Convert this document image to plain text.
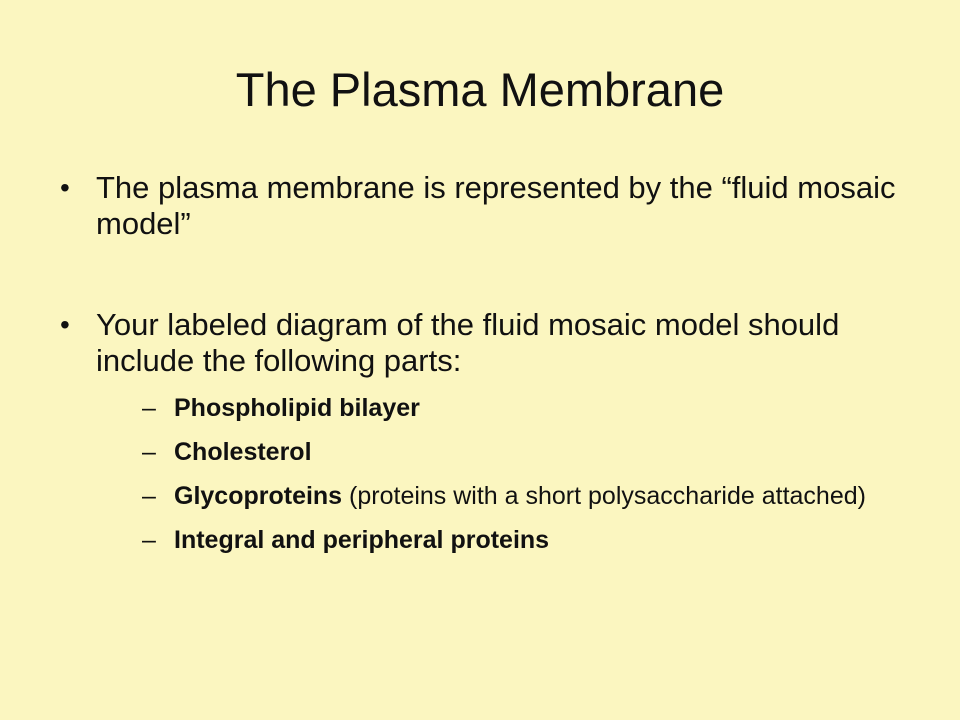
The Plasma Membrane
• The plasma membrane is represented by the “fluid mosaic model”
• Your labeled diagram of the fluid mosaic model should include the following parts:
– Phospholipid bilayer
– Cholesterol
– Glycoproteins (proteins with a short polysaccharide attached)
– Integral and peripheral proteins
